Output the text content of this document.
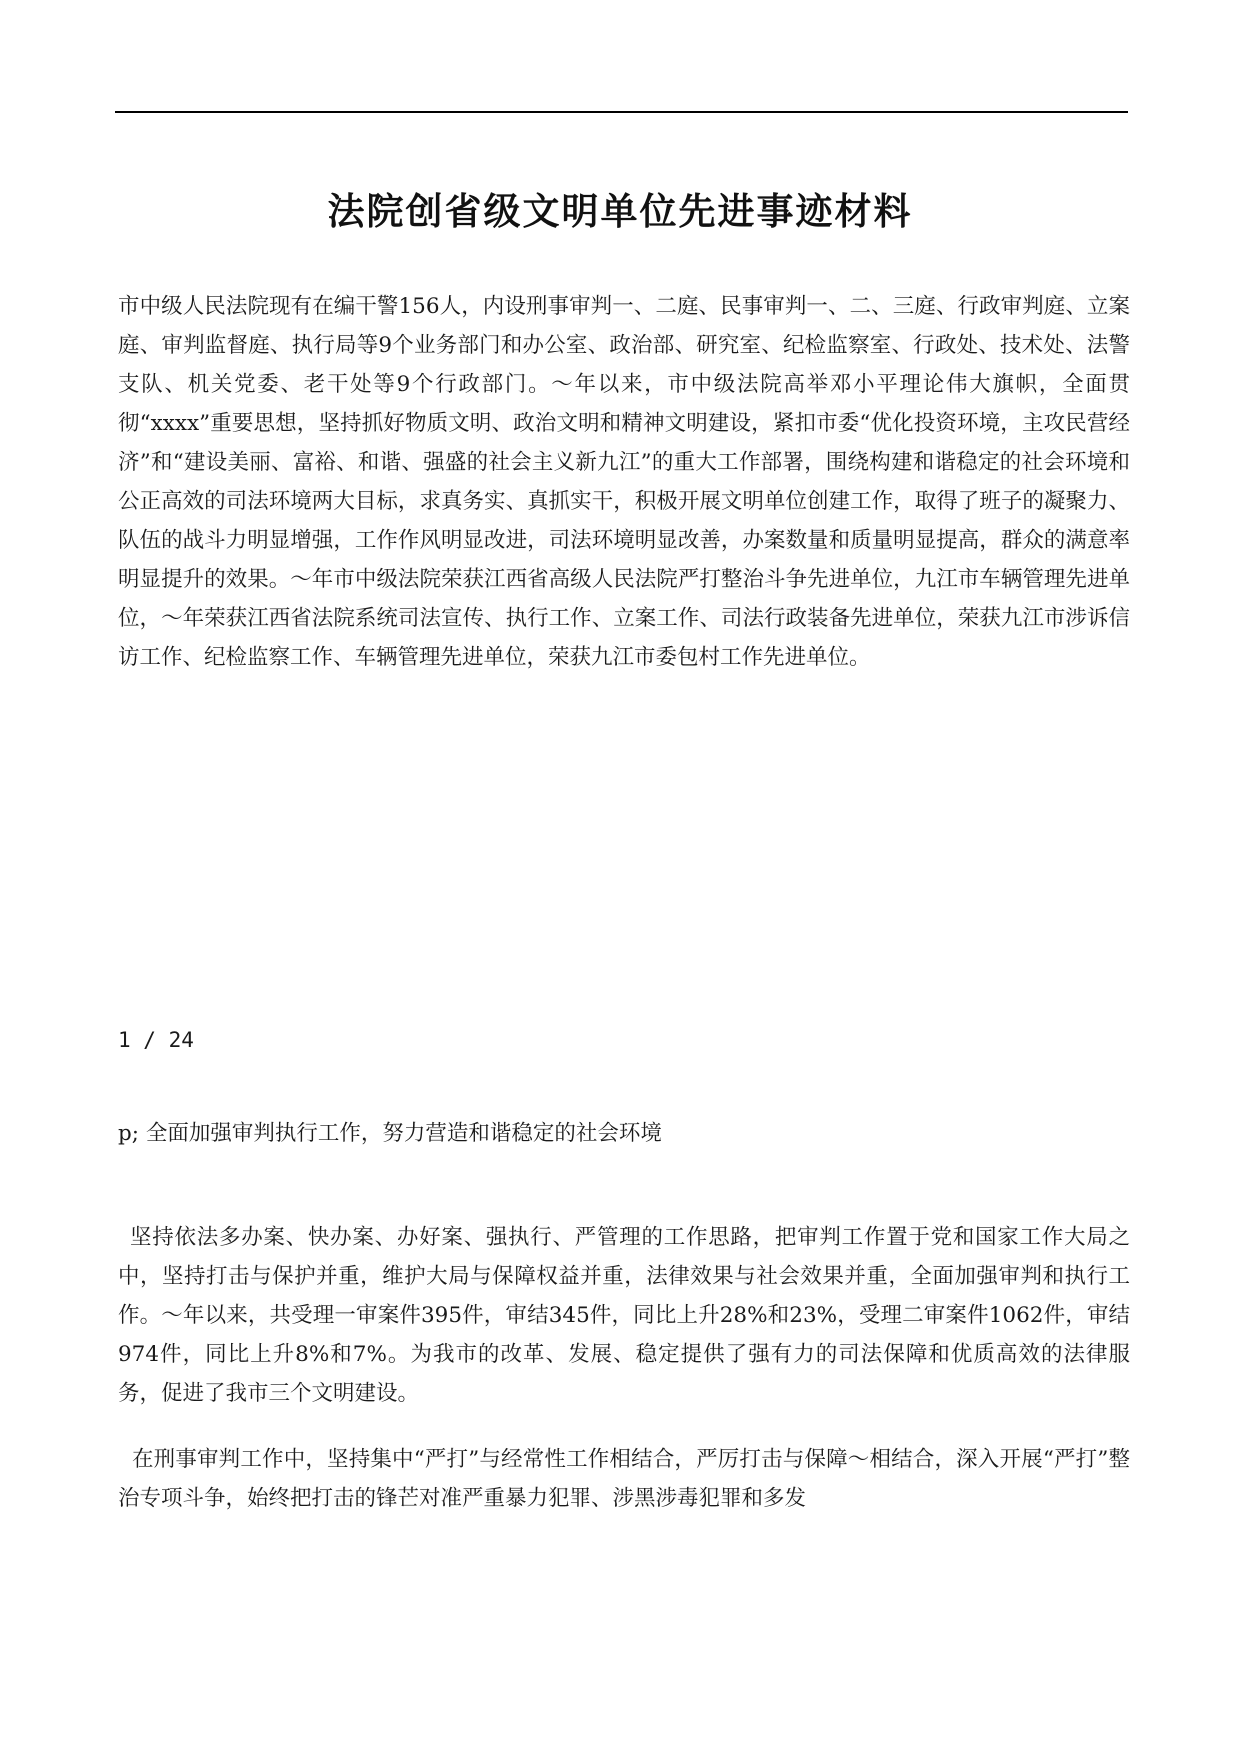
法院创省级文明单位先进事迹材料

市中级人民法院现有在编干警156人，内设刑事审判一、二庭、民事审判一、二、三庭、行政审判庭、立案庭、审判监督庭、执行局等9个业务部门和办公室、政治部、研究室、纪检监察室、行政处、技术处、法警支队、机关党委、老干处等9个行政部门。～年以来，市中级法院高举邓小平理论伟大旗帜，全面贯彻“xxxx”重要思想，坚持抓好物质文明、政治文明和精神文明建设，紧扣市委“优化投资环境，主攻民营经济”和“建设美丽、富裕、和谐、强盛的社会主义新九江”的重大工作部署，围绕构建和谐稳定的社会环境和公正高效的司法环境两大目标，求真务实、真抓实干，积极开展文明单位创建工作，取得了班子的凝聚力、队伍的战斗力明显增强，工作作风明显改进，司法环境明显改善，办案数量和质量明显提高，群众的满意率明显提升的效果。～年市中级法院荣获江西省高级人民法院严打整治斗争先进单位，九江市车辆管理先进单位，～年荣获江西省法院系统司法宣传、执行工作、立案工作、司法行政装备先进单位，荣获九江市涉诉信访工作、纪检监察工作、车辆管理先进单位，荣获九江市委包村工作先进单位。

1 / 24
p; 全面加强审判执行工作，努力营造和谐稳定的社会环境

坚持依法多办案、快办案、办好案、强执行、严管理的工作思路，把审判工作置于党和国家工作大局之中，坚持打击与保护并重，维护大局与保障权益并重，法律效果与社会效果并重，全面加强审判和执行工作。～年以来，共受理一审案件395件，审结345件，同比上升28%和23%，受理二审案件1062件，审结974件，同比上升8%和7%。为我市的改革、发展、稳定提供了强有力的司法保障和优质高效的法律服务，促进了我市三个文明建设。

在刑事审判工作中，坚持集中“严打”与经常性工作相结合，严厉打击与保障～相结合，深入开展“严打”整治专项斗争，始终把打击的锋芒对准严重暴力犯罪、涉黑涉毒犯罪和多发
